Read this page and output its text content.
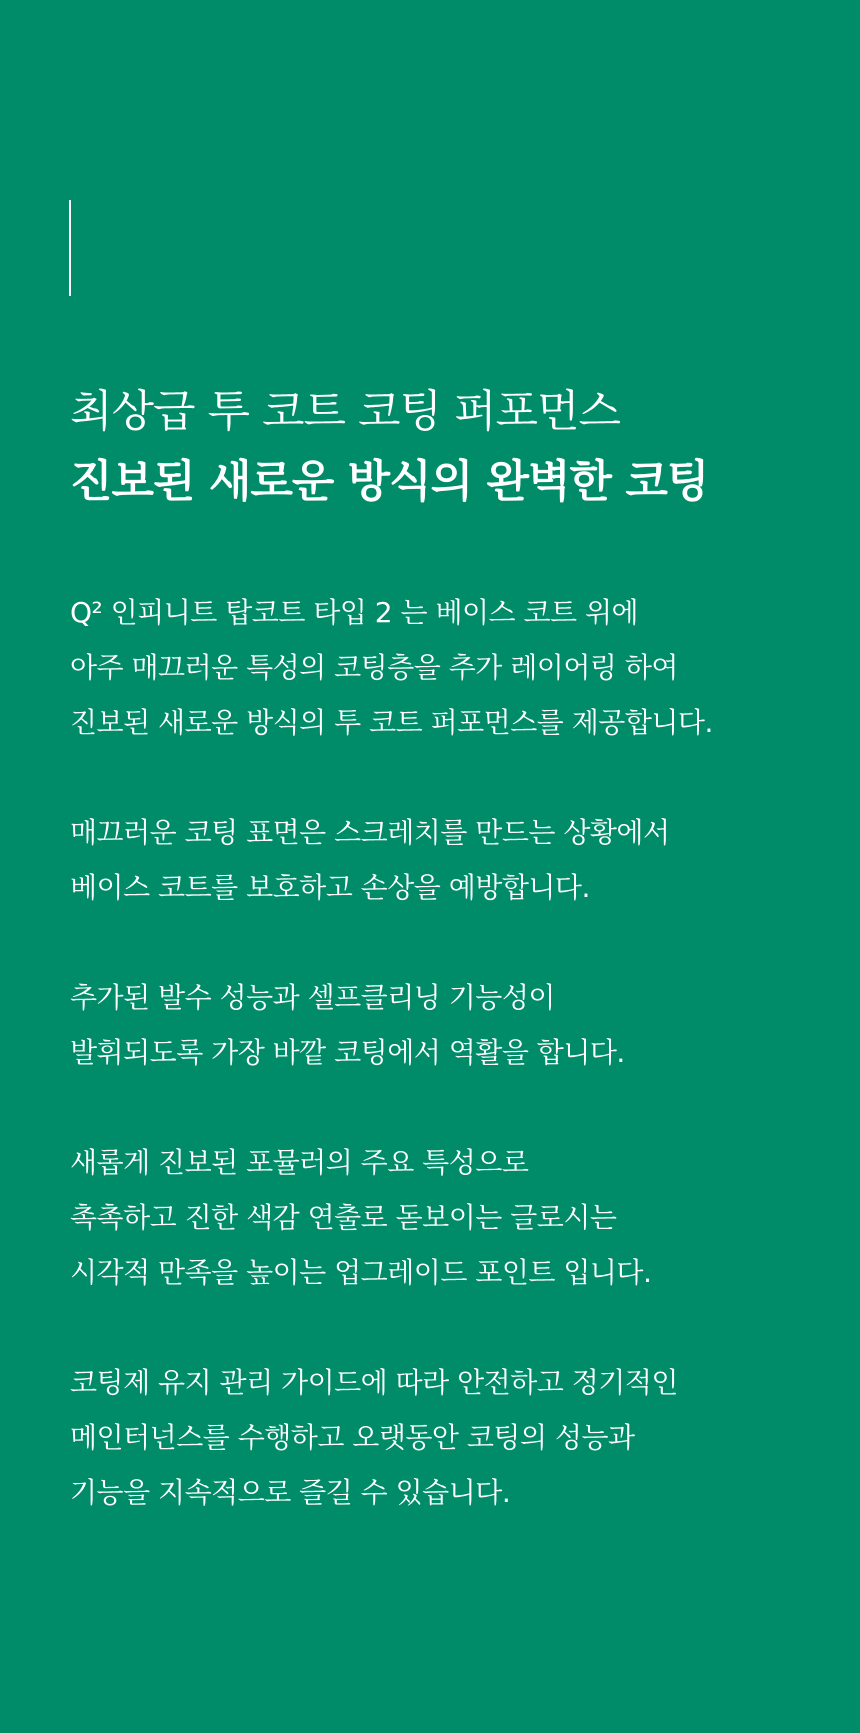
최상급 투 코트 코팅 퍼포먼스
진보된 새로운 방식의 완벽한 코팅

Q² 인피니트 탑코트 타입 2 는 베이스 코트 위에
아주 매끄러운 특성의 코팅층을 추가 레이어링 하여
진보된 새로운 방식의 투 코트 퍼포먼스를 제공합니다.

매끄러운 코팅 표면은 스크레치를 만드는 상황에서
베이스 코트를 보호하고 손상을 예방합니다.

추가된 발수 성능과 셀프클리닝 기능성이
발휘되도록 가장 바깥 코팅에서 역활을 합니다.

새롭게 진보된 포뮬러의 주요 특성으로
촉촉하고 진한 색감 연출로 돋보이는 글로시는
시각적 만족을 높이는 업그레이드 포인트 입니다.

코팅제 유지 관리 가이드에 따라 안전하고 정기적인
메인터넌스를 수행하고 오랫동안 코팅의 성능과
기능을 지속적으로 즐길 수 있습니다.
